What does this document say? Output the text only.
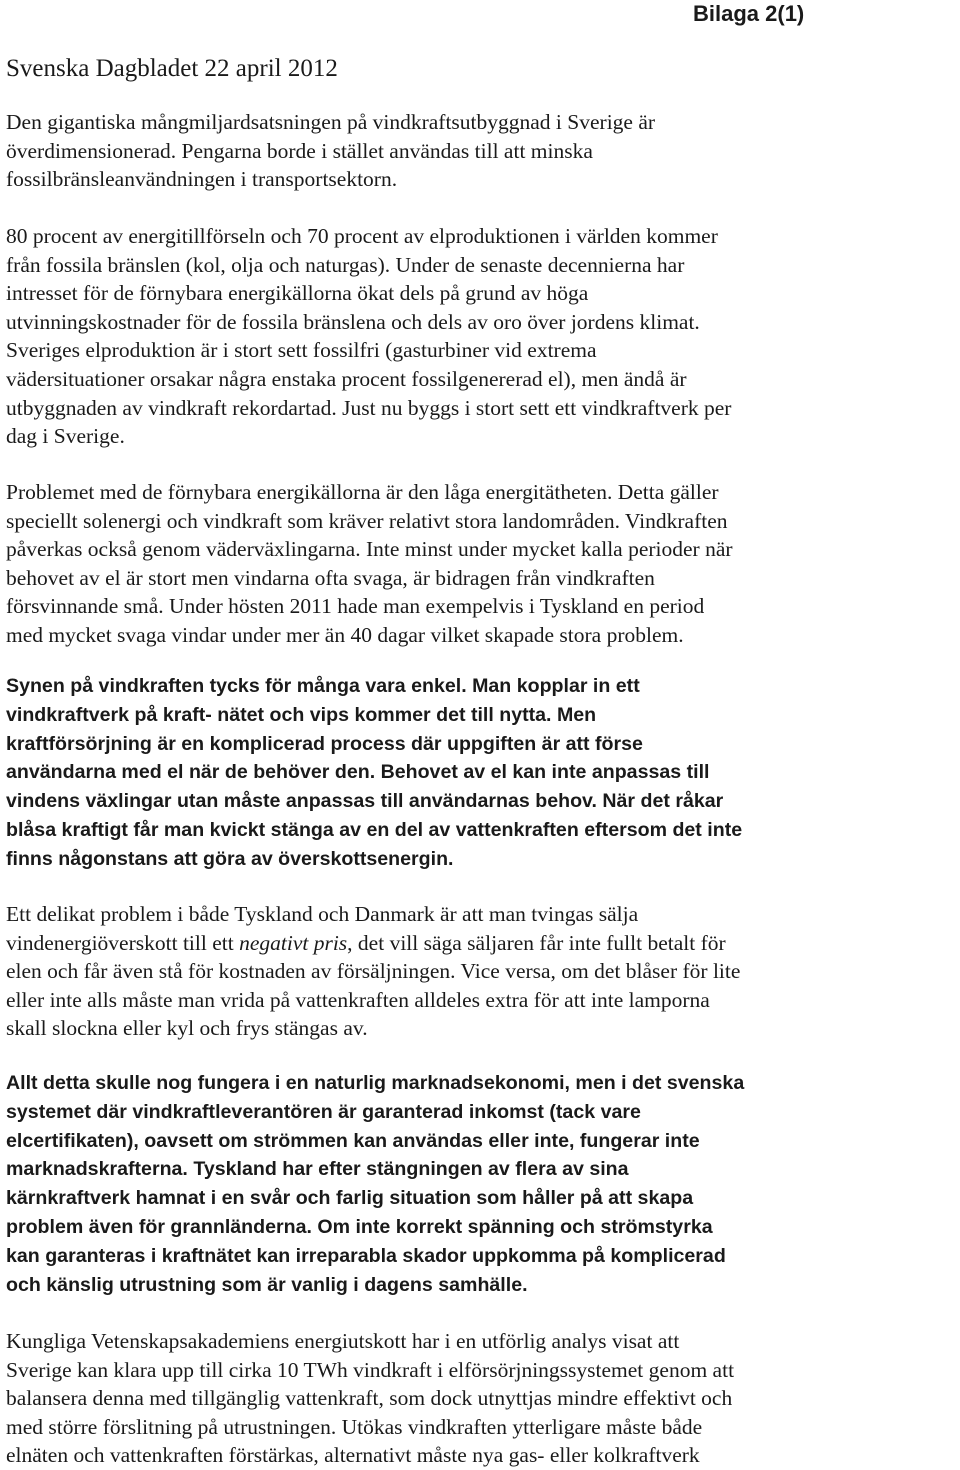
Bilaga 2(1)
Svenska Dagbladet 22 april 2012
Den gigantiska mångmiljardsatsningen på vindkraftsutbyggnad i Sverige är
överdimensionerad. Pengarna borde i stället användas till att minska
fossilbränsleanvändningen i transportsektorn.
80 procent av energitillförseln och 70 procent av elproduktionen i världen kommer
från fossila bränslen (kol, olja och naturgas). Under de senaste decennierna har
intresset för de förnybara energikällorna ökat dels på grund av höga
utvinningskostnader för de fossila bränslena och dels av oro över jordens klimat.
Sveriges elproduktion är i stort sett fossilfri (gasturbiner vid extrema
vädersituationer orsakar några enstaka procent fossilgenererad el), men ändå är
utbyggnaden av vindkraft rekordartad. Just nu byggs i stort sett ett vindkraftverk per
dag i Sverige.
Problemet med de förnybara energikällorna är den låga energitätheten. Detta gäller
speciellt solenergi och vindkraft som kräver relativt stora landområden. Vindkraften
påverkas också genom väderväxlingarna. Inte minst under mycket kalla perioder när
behovet av el är stort men vindarna ofta svaga, är bidragen från vindkraften
försvinnande små. Under hösten 2011 hade man exempelvis i Tyskland en period
med mycket svaga vindar under mer än 40 dagar vilket skapade stora problem.
Synen på vindkraften tycks för många vara enkel. Man kopplar in ett
vindkraftverk på kraft- nätet och vips kommer det till nytta. Men
kraftförsörjning är en komplicerad process där uppgiften är att förse
användarna med el när de behöver den. Behovet av el kan inte anpassas till
vindens växlingar utan måste anpassas till användarnas behov. När det råkar
blåsa kraftigt får man kvickt stänga av en del av vattenkraften eftersom det inte
finns någonstans att göra av överskottsenergin.
Ett delikat problem i både Tyskland och Danmark är att man tvingas sälja
vindenergiöverskott till ett negativt pris, det vill säga säljaren får inte fullt betalt för
elen och får även stå för kostnaden av försäljningen. Vice versa, om det blåser för lite
eller inte alls måste man vrida på vattenkraften alldeles extra för att inte lamporna
skall slockna eller kyl och frys stängas av.
Allt detta skulle nog fungera i en naturlig marknadsekonomi, men i det svenska
systemet där vindkraftleverantören är garanterad inkomst (tack vare
elcertifikaten), oavsett om strömmen kan användas eller inte, fungerar inte
marknadskrafterna. Tyskland har efter stängningen av flera av sina
kärnkraftverk hamnat i en svår och farlig situation som håller på att skapa
problem även för grannländerna. Om inte korrekt spänning och strömstyrka
kan garanteras i kraftnätet kan irreparabla skador uppkomma på komplicerad
och känslig utrustning som är vanlig i dagens samhälle.
Kungliga Vetenskapsakademiens energiutskott har i en utförlig analys visat att
Sverige kan klara upp till cirka 10 TWh vindkraft i elförsörjningssystemet genom att
balansera denna med tillgänglig vattenkraft, som dock utnyttjas mindre effektivt och
med större förslitning på utrustningen. Utökas vindkraften ytterligare måste både
elnäten och vattenkraften förstärkas, alternativt måste nya gas- eller kolkraftverk
